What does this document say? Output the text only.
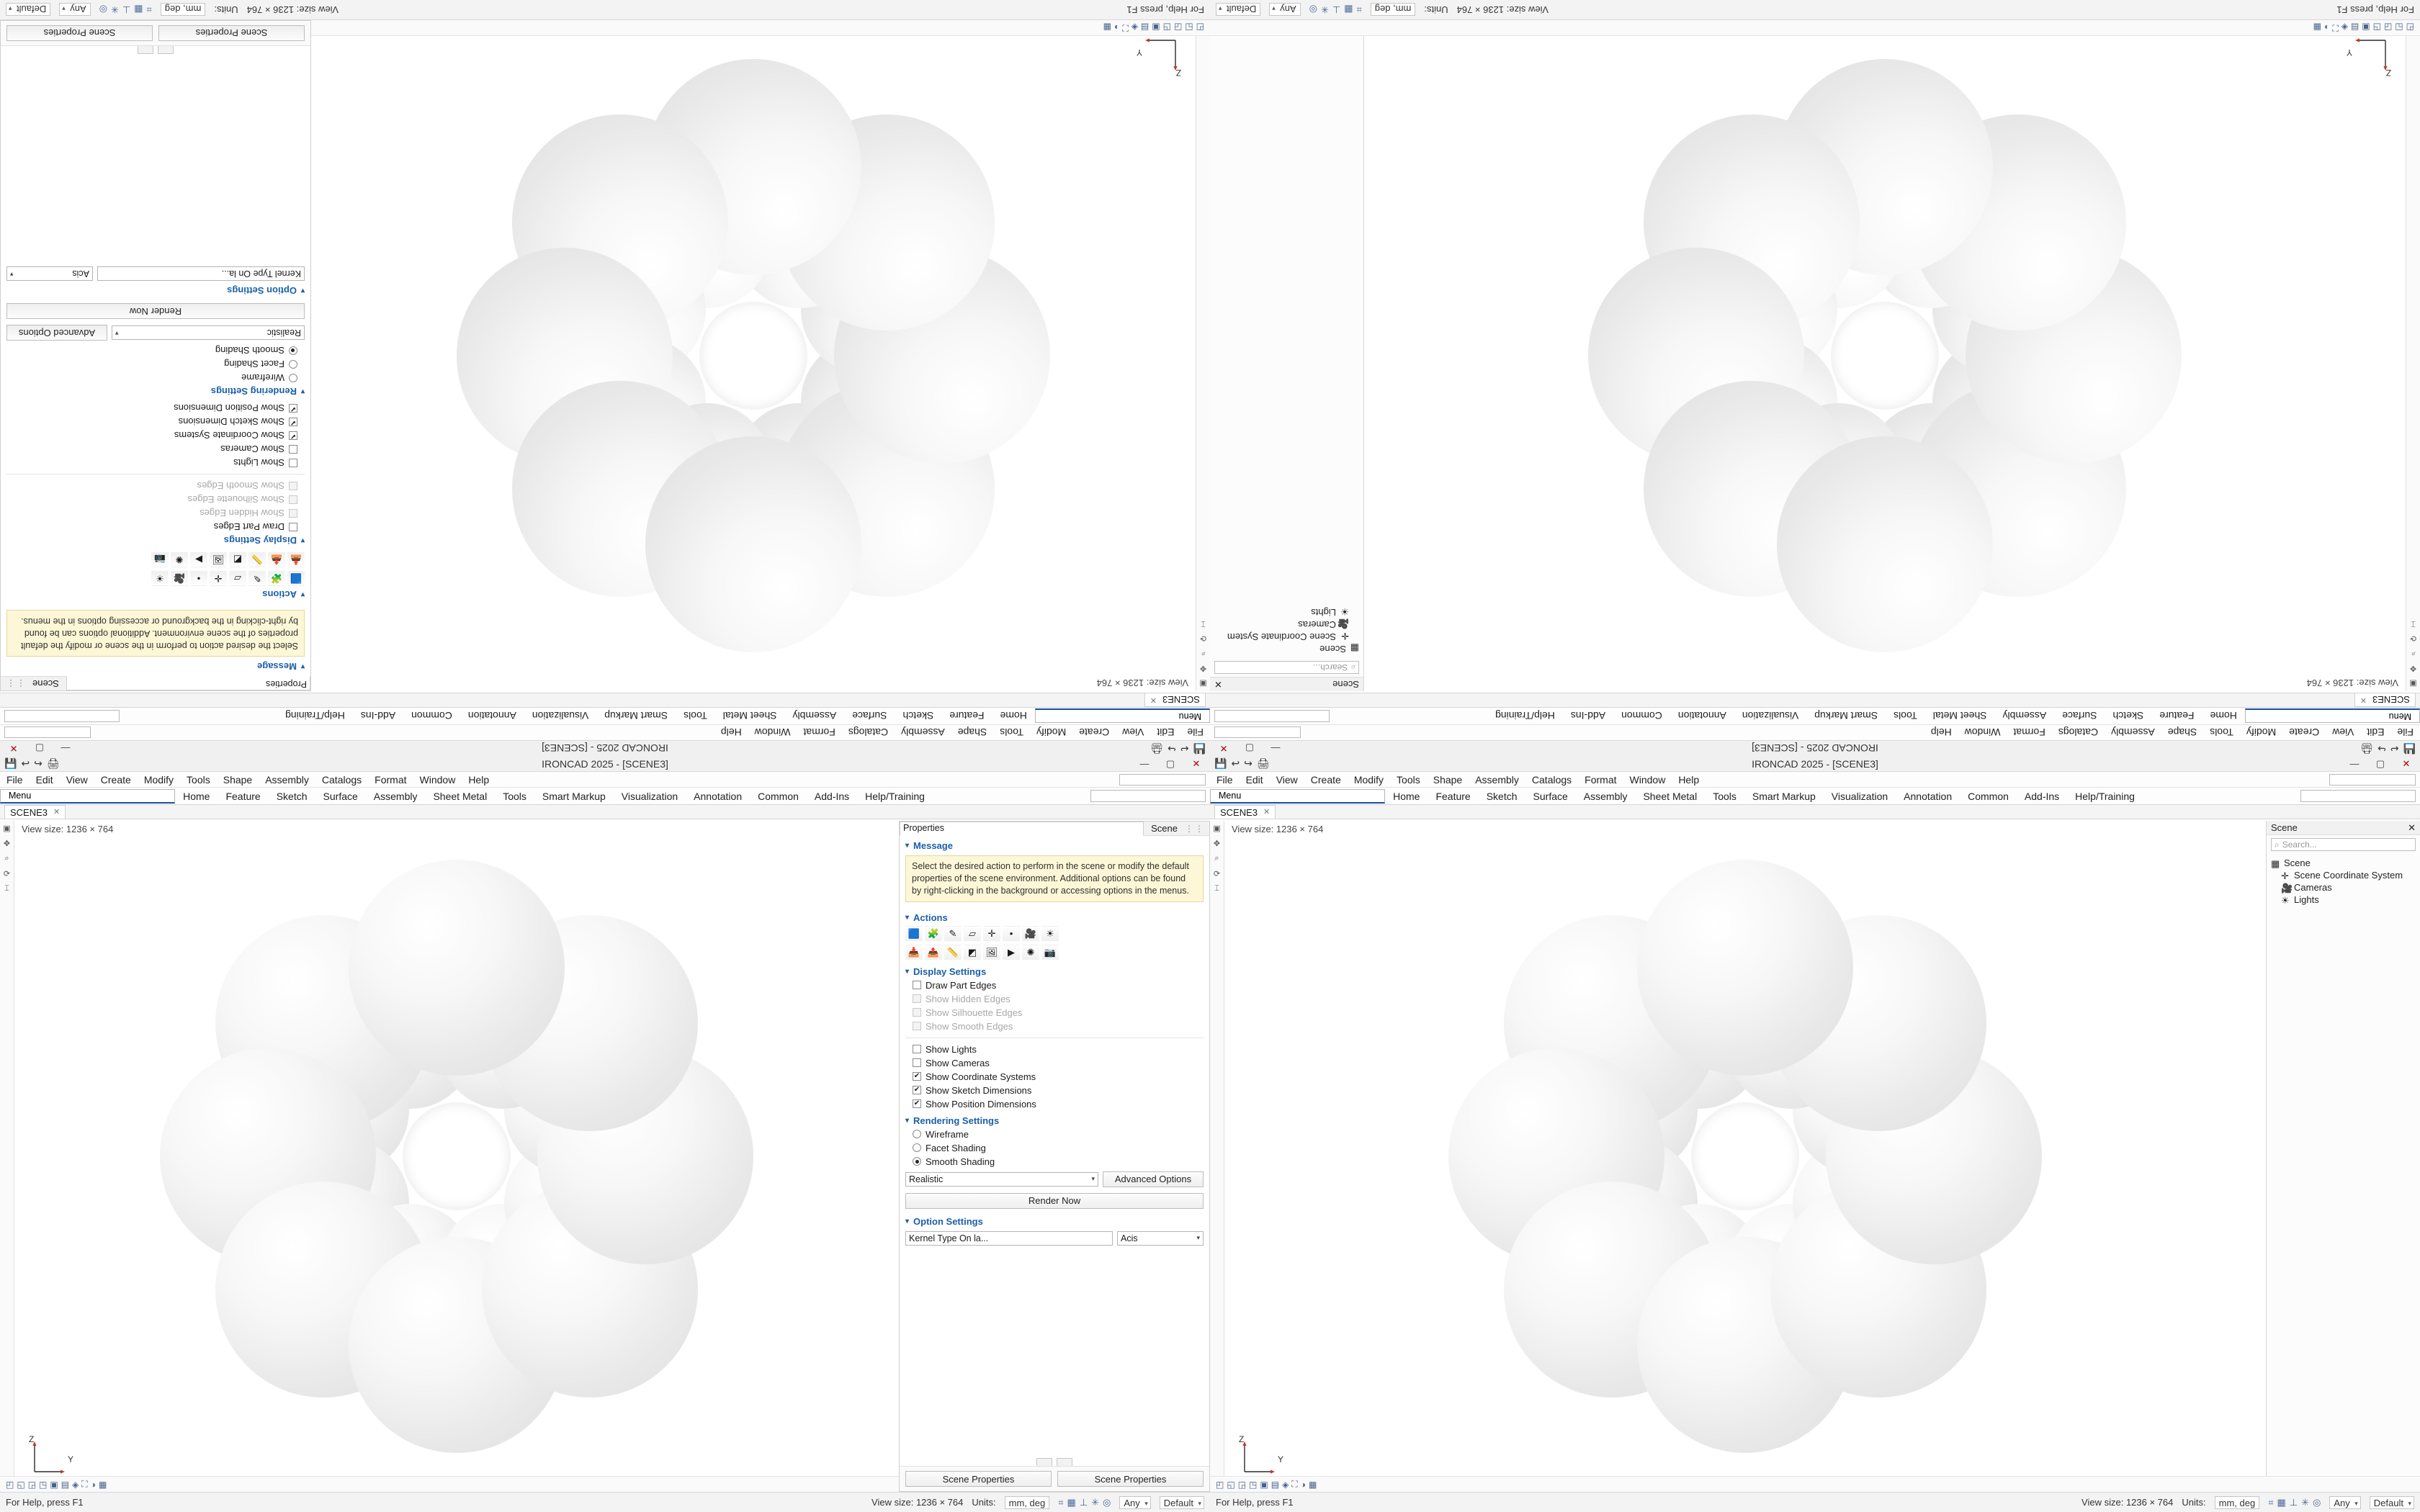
💾
↩
↪
🖨
IRONCAD 2025 - [SCENE3]
—
▢
✕
File
Edit
View
Create
Modify
Tools
Shape
Assembly
Catalogs
Format
Window
Help
Menu
Home
Feature
Sketch
Surface
Assembly
Sheet Metal
Tools
Smart Markup
Visualization
Annotation
Common
Add-Ins
Help/Training
SCENE3
✕
▣
✥
⌕
⟳
⌶
View size: 1236 × 764
Z
Y
◰
◱
◲
◳
▣
▤
◈
⛶
◑
▦
For Help, press F1
View size: 1236 × 764
Units:
mm, deg
⌗
▦
⊥
✳
◎
Any ▾
Default ▾
Properties
Scene
⋮⋮
▾
Message
Select the desired action to perform in the scene or modify the default properties of the scene environment. Additional options can be found by right-clicking in the background or accessing options in the menus.
▾
Actions
🟦
🧩
✎
▱
✛
•
🎥
☀
📥
📤
📏
◩
🖼
▶
✺
📷
▾
Display Settings
Draw Part Edges
Show Hidden Edges
Show Silhouette Edges
Show Smooth Edges
Show Lights
Show Cameras
✔
Show Coordinate Systems
✔
Show Sketch Dimensions
✔
Show Position Dimensions
▾
Rendering Settings
Wireframe
Facet Shading
Smooth Shading
Realistic
▾
Advanced Options
Render Now
▾
Option Settings
Kernel Type On la...
Acis
▾
Scene Properties
Scene Properties
💾
↩
↪
🖨
IRONCAD 2025 - [SCENE3]
—
▢
✕
File
Edit
View
Create
Modify
Tools
Shape
Assembly
Catalogs
Format
Window
Help
Menu
Home
Feature
Sketch
Surface
Assembly
Sheet Metal
Tools
Smart Markup
Visualization
Annotation
Common
Add-Ins
Help/Training
SCENE3
✕
▣
✥
⌕
⟳
⌶
View size: 1236 × 764
Z
Y
Scene
✕
⌕
Search...
▦
Scene
✛
Scene Coordinate System
🎥
Cameras
☀
Lights
◰
◱
◲
◳
▣
▤
◈
⛶
◑
▦
For Help, press F1
View size: 1236 × 764
Units:
mm, deg
⌗
▦
⊥
✳
◎
Any ▾
Default ▾
💾 ↩ ↪ 🖨	IRONCAD 2025 - [SCENE3]	—	▢	✕
File	Edit	View	Create	Modify	Tools	Shape	Assembly	Catalogs	Format	Window	Help
Menu	Home	Feature	Sketch	Surface	Assembly	Sheet Metal	Tools	Smart Markup	Visualization	Annotation	Common	Add-Ins	Help/Training
SCENE3 ✕
▣
✥
⌕
⟳
⌶
View size: 1236 × 764
Z
Y
◰ ◱ ◲ ◳ ▣ ▤ ◈ ⛶ ◑ ▦
For Help, press F1	View size: 1236 × 764 Units:	mm, deg	⌗ ▦ ⊥ ✳ ◎	Any ▾	Default ▾
Properties	Scene ⋮⋮
▾ Message
Select the desired action to perform in the scene or modify the default properties of the scene environment. Additional options can be found by right-clicking in the background or accessing options in the menus.
▾ Actions
🟦 🧩	✎	▱	✛	•	🎥	☀
📥 📤 📏 ◩ 🖼	▶	✺	📷
▾ Display Settings
Draw Part Edges
Show Hidden Edges
Show Silhouette Edges
Show Smooth Edges
Show Lights
Show Cameras
✔
Show Coordinate Systems
✔
Show Sketch Dimensions
✔
Show Position Dimensions
▾ Rendering Settings
Wireframe
Facet Shading
Smooth Shading
Realistic	▾	Advanced Options
Render Now
▾ Option Settings
Kernel Type On la...	Acis	▾
Scene Properties	Scene Properties
💾 ↩ ↪ 🖨	IRONCAD 2025 - [SCENE3]	—	▢	✕
File	Edit	View	Create	Modify	Tools	Shape	Assembly	Catalogs	Format	Window	Help
Menu	Home	Feature	Sketch	Surface	Assembly	Sheet Metal	Tools	Smart Markup	Visualization	Annotation	Common	Add-Ins	Help/Training
SCENE3 ✕
▣
✥
⌕
⟳
⌶
View size: 1236 × 764
Z
Y
Scene	✕
⌕ Search...
▦ Scene
✛ Scene Coordinate System
🎥 Cameras
☀ Lights
◰ ◱ ◲ ◳ ▣ ▤ ◈ ⛶ ◑ ▦
For Help, press F1	View size: 1236 × 764 Units:	mm, deg	⌗ ▦ ⊥ ✳ ◎	Any ▾	Default ▾
